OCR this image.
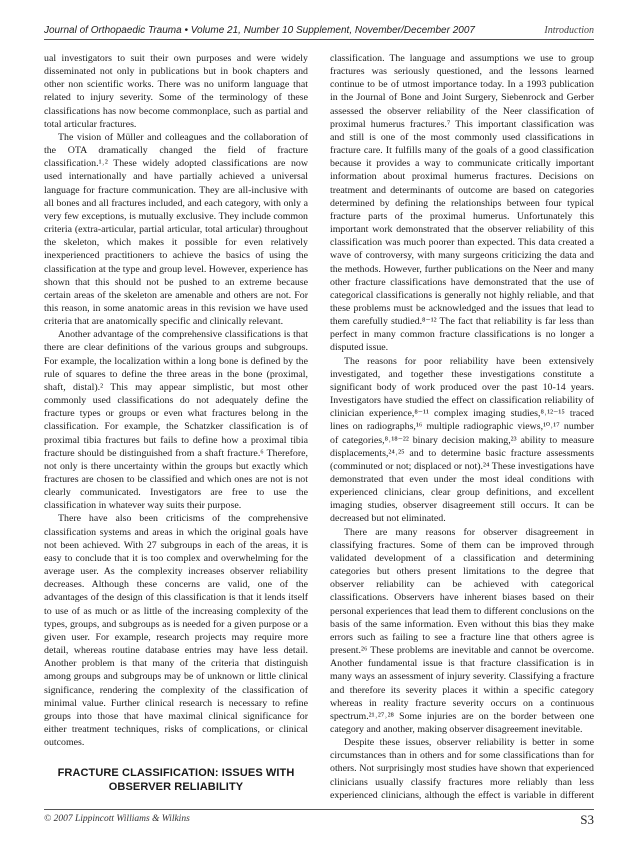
Journal of Orthopaedic Trauma • Volume 21, Number 10 Supplement, November/December 2007	Introduction

ual investigators to suit their own purposes and were widely disseminated not only in publications but in book chapters and other non scientific works. There was no uniform language that related to injury severity. Some of the terminology of these classifications has now become commonplace, such as partial and total articular fractures.

The vision of Müller and colleagues and the collaboration of the OTA dramatically changed the field of fracture classification.¹˒² These widely adopted classifications are now used internationally and have partially achieved a universal language for fracture communication. They are all-inclusive with all bones and all fractures included, and each category, with only a very few exceptions, is mutually exclusive. They include common criteria (extra-articular, partial articular, total articular) throughout the skeleton, which makes it possible for even relatively inexperienced practitioners to achieve the basics of using the classification at the type and group level. However, experience has shown that this should not be pushed to an extreme because certain areas of the skeleton are amenable and others are not. For this reason, in some anatomic areas in this revision we have used criteria that are anatomically specific and clinically relevant.

Another advantage of the comprehensive classifications is that there are clear definitions of the various groups and subgroups. For example, the localization within a long bone is defined by the rule of squares to define the three areas in the bone (proximal, shaft, distal).² This may appear simplistic, but most other commonly used classifications do not adequately define the fracture types or groups or even what fractures belong in the classification. For example, the Schatzker classification is of proximal tibia fractures but fails to define how a proximal tibia fracture should be distinguished from a shaft fracture.⁶ Therefore, not only is there uncertainty within the groups but exactly which fractures are chosen to be classified and which ones are not is not clearly communicated. Investigators are free to use the classification in whatever way suits their purpose.

There have also been criticisms of the comprehensive classification systems and areas in which the original goals have not been achieved. With 27 subgroups in each of the areas, it is easy to conclude that it is too complex and overwhelming for the average user. As the complexity increases observer reliability decreases. Although these concerns are valid, one of the advantages of the design of this classification is that it lends itself to use of as much or as little of the increasing complexity of the types, groups, and subgroups as is needed for a given purpose or a given user. For example, research projects may require more detail, whereas routine database entries may have less detail. Another problem is that many of the criteria that distinguish among groups and subgroups may be of unknown or little clinical significance, rendering the complexity of the classification of minimal value. Further clinical research is necessary to refine groups into those that have maximal clinical significance for either treatment techniques, risks of complications, or clinical outcomes.

FRACTURE CLASSIFICATION: ISSUES WITH OBSERVER RELIABILITY

classification. The language and assumptions we use to group fractures was seriously questioned, and the lessons learned continue to be of utmost importance today. In a 1993 publication in the Journal of Bone and Joint Surgery, Siebenrock and Gerber assessed the observer reliability of the Neer classification of proximal humerus fractures.⁷ This important classification was and still is one of the most commonly used classifications in fracture care. It fulfills many of the goals of a good classification because it provides a way to communicate critically important information about proximal humerus fractures. Decisions on treatment and determinants of outcome are based on categories determined by defining the relationships between four typical fracture parts of the proximal humerus. Unfortunately this important work demonstrated that the observer reliability of this classification was much poorer than expected. This data created a wave of controversy, with many surgeons criticizing the data and the methods. However, further publications on the Neer and many other fracture classifications have demonstrated that the use of categorical classifications is generally not highly reliable, and that these problems must be acknowledged and the issues that lead to them carefully studied.⁸⁻¹² The fact that reliability is far less than perfect in many common fracture classifications is no longer a disputed issue.

The reasons for poor reliability have been extensively investigated, and together these investigations constitute a significant body of work produced over the past 10-14 years. Investigators have studied the effect on classification reliability of clinician experience,⁸⁻¹¹ complex imaging studies,⁸˒¹²⁻¹⁵ traced lines on radiographs,¹⁶ multiple radiographic views,¹⁰˒¹⁷ number of categories,⁸˒¹⁸⁻²² binary decision making,²³ ability to measure displacements,²⁴˒²⁵ and to determine basic fracture assessments (comminuted or not; displaced or not).²⁴ These investigations have demonstrated that even under the most ideal conditions with experienced clinicians, clear group definitions, and excellent imaging studies, observer disagreement still occurs. It can be decreased but not eliminated.

There are many reasons for observer disagreement in classifying fractures. Some of them can be improved through validated development of a classification and determining categories but others present limitations to the degree that observer reliability can be achieved with categorical classifications. Observers have inherent biases based on their personal experiences that lead them to different conclusions on the basis of the same information. Even without this bias they make errors such as failing to see a fracture line that others agree is present.²⁶ These problems are inevitable and cannot be overcome. Another fundamental issue is that fracture classification is in many ways an assessment of injury severity. Classifying a fracture and therefore its severity places it within a specific category whereas in reality fracture severity occurs on a continuous spectrum.²¹˒²⁷˒²⁸ Some injuries are on the border between one category and another, making observer disagreement inevitable.

Despite these issues, observer reliability is better in some circumstances than in others and for some classifications than for others. Not surprisingly most studies have shown that experienced clinicians usually classify fractures more reliably than less experienced clinicians, although the effect is variable in different

© 2007 Lippincott Williams & Wilkins	S3
